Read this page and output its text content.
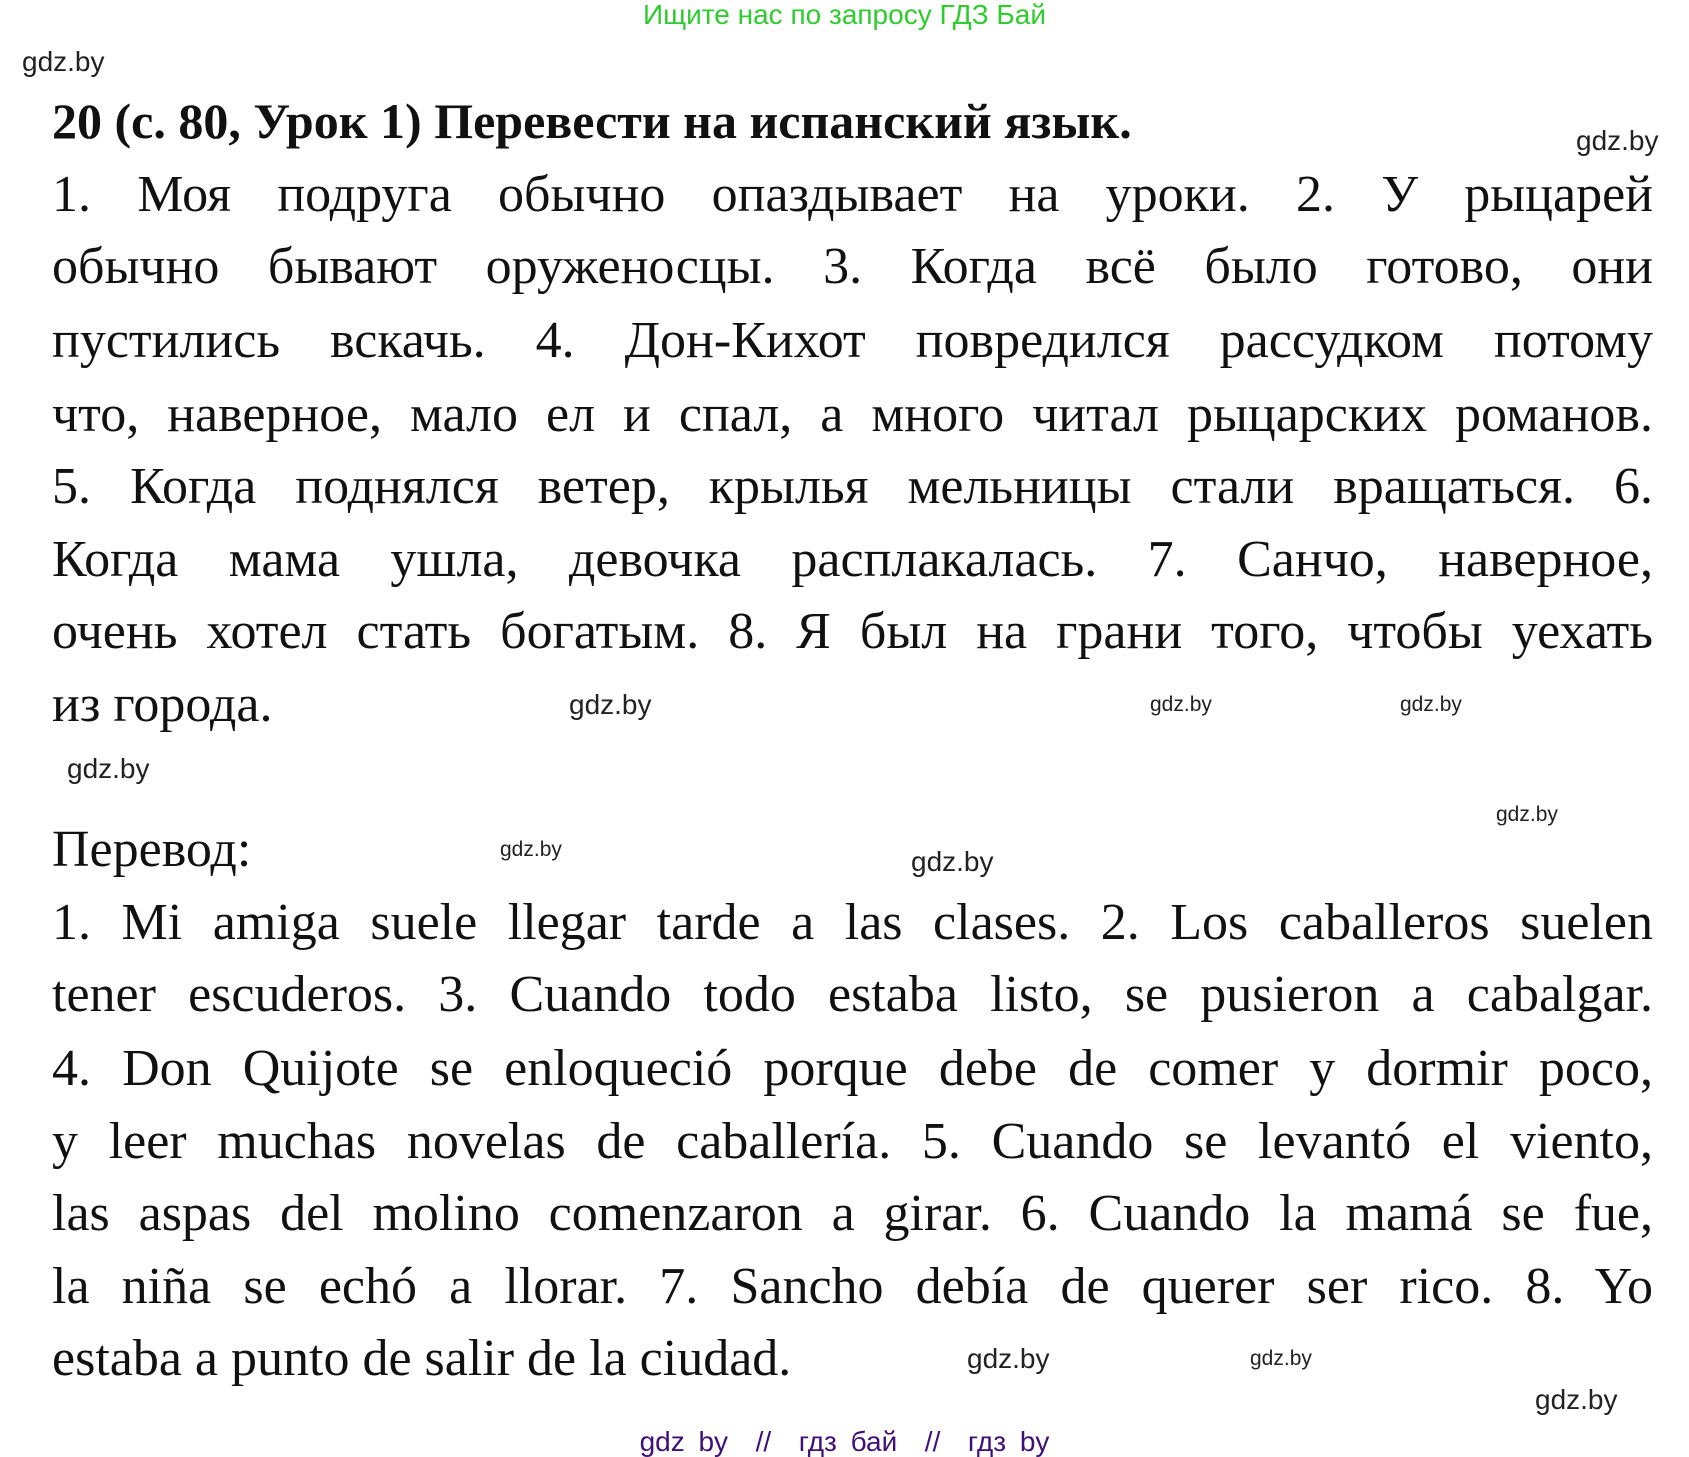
Ищите нас по запросу ГДЗ Бай
20 (с. 80, Урок 1) Перевести на испанский язык.
1. Моя подруга обычно опаздывает на уроки. 2. У рыцарей
обычно бывают оруженосцы. 3. Когда всё было готово, они
пустились вскачь. 4. Дон-Кихот повредился рассудком потому
что, наверное, мало ел и спал, а много читал рыцарских романов.
5. Когда поднялся ветер, крылья мельницы стали вращаться. 6.
Когда мама ушла, девочка расплакалась. 7. Санчо, наверное,
очень хотел стать богатым. 8. Я был на грани того, чтобы уехать
из города.
Перевод:
1. Mi amiga suele llegar tarde a las clases. 2. Los caballeros suelen
tener escuderos. 3. Cuando todo estaba listo, se pusieron a cabalgar.
4. Don Quijote se enloqueció porque debe de comer y dormir poco,
y leer muchas novelas de caballería. 5. Cuando se levantó el viento,
las aspas del molino comenzaron a girar. 6. Cuando la mamá se fue,
la niña se echó a llorar. 7. Sancho debía de querer ser rico. 8. Yo
estaba a punto de salir de la ciudad.
gdz.by
gdz.by
gdz.by	gdz.by
gdz.by
gdz.by
gdz.by
gdz.by
gdz.by
gdz.by
gdz.by
gdz.by
gdz by  //  гдз бай  //  гдз by
